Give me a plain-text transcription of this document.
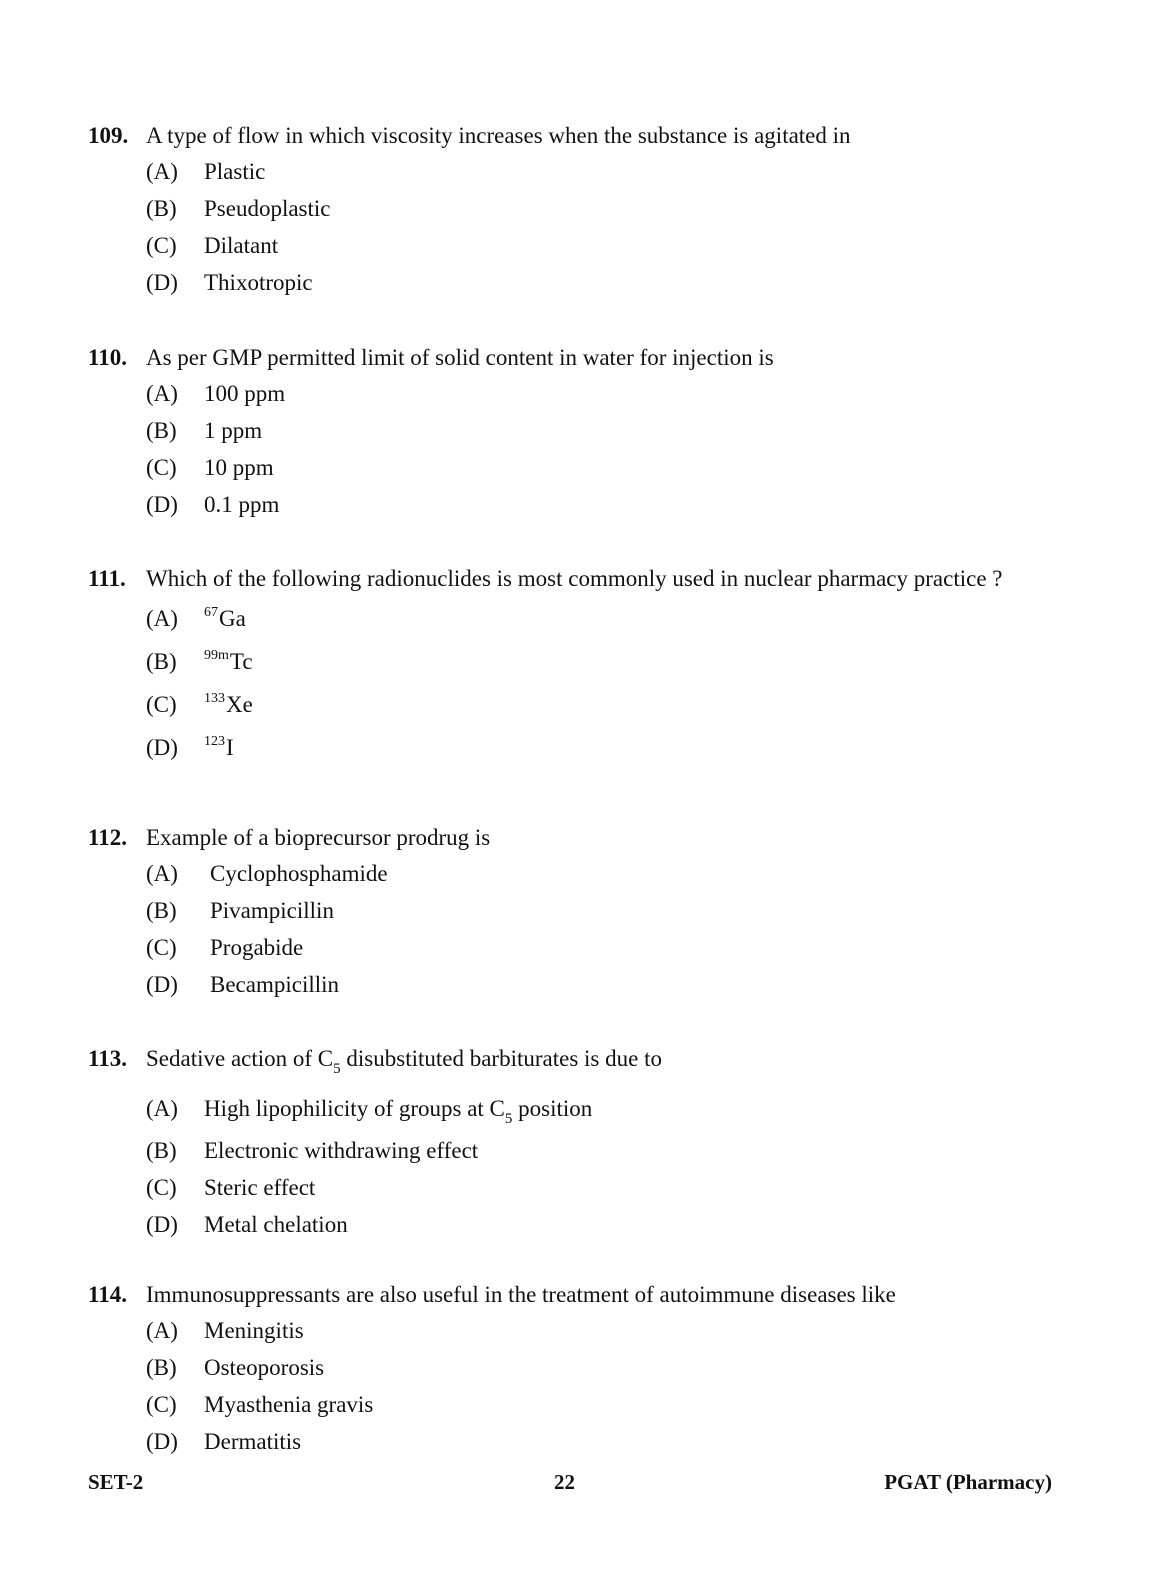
109. A type of flow in which viscosity increases when the substance is agitated in
(A)	Plastic
(B)	Pseudoplastic
(C)	Dilatant
(D)	Thixotropic
110. As per GMP permitted limit of solid content in water for injection is
(A)	100 ppm
(B)	1 ppm
(C)	10 ppm
(D)	0.1 ppm
111. Which of the following radionuclides is most commonly used in nuclear pharmacy practice ?
(A)	$^{67}$Ga
(B)	$^{99m}$Tc
(C)	$^{133}$Xe
(D)	$^{123}$I
112. Example of a bioprecursor prodrug is
(A)	Cyclophosphamide
(B)	Pivampicillin
(C)	Progabide
(D)	Becampicillin
113. Sedative action of $C_5$ disubstituted barbiturates is due to
(A)	High lipophilicity of groups at $C_5$ position
(B)	Electronic withdrawing effect
(C)	Steric effect
(D)	Metal chelation
114. Immunosuppressants are also useful in the treatment of autoimmune diseases like
(A)	Meningitis
(B)	Osteoporosis
(C)	Myasthenia gravis
(D)	Dermatitis
SET-2	22	PGAT (Pharmacy)
